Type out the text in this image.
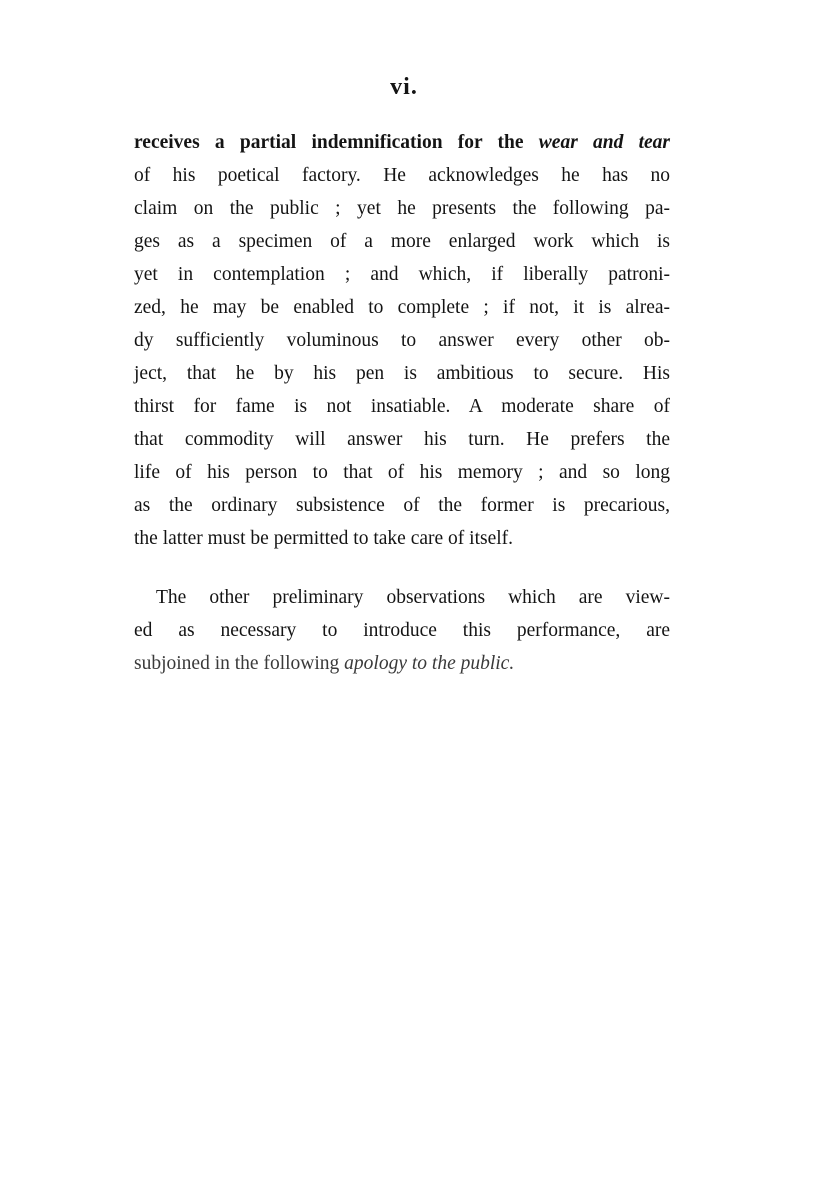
vi.
receives a partial indemnification for the wear and tear
of his poetical factory. He acknowledges he has no
claim on the public ; yet he presents the following pa-
ges as a specimen of a more enlarged work which is
yet in contemplation ; and which, if liberally patroni-
zed, he may be enabled to complete ; if not, it is alrea-
dy sufficiently voluminous to answer every other ob-
ject, that he by his pen is ambitious to secure. His
thirst for fame is not insatiable. A moderate share of
that commodity will answer his turn. He prefers the
life of his person to that of his memory ; and so long
as the ordinary subsistence of the former is precarious,
the latter must be permitted to take care of itself.
The other preliminary observations which are view-
ed as necessary to introduce this performance, are
subjoined in the following apology to the public.
